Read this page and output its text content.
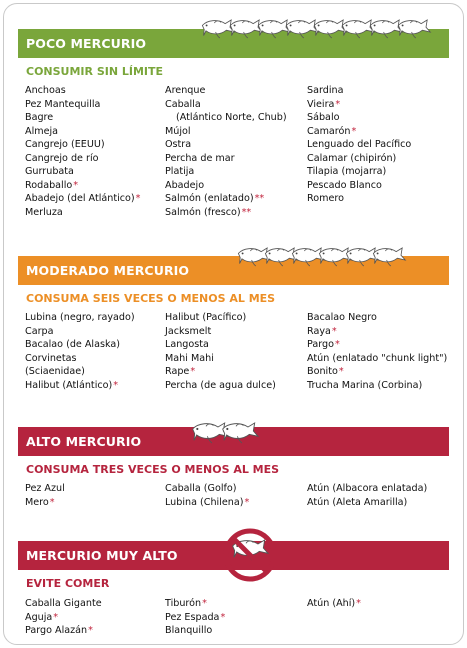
POCO MERCURIO
CONSUMIR SIN LÍMITE
Anchoas
Pez Mantequilla
Bagre
Almeja
Cangrejo (EEUU)
Cangrejo de río
Gurrubata
Rodaballo*
Abadejo (del Atlántico)*
Merluza
Arenque
Caballa
(Atlántico Norte, Chub)
Mújol
Ostra
Percha de mar
Platija
Abadejo
Salmón (enlatado)**
Salmón (fresco)**
Sardina
Vieira*
Sábalo
Camarón*
Lenguado del Pacífico
Calamar (chipirón)
Tilapia (mojarra)
Pescado Blanco
Romero
MODERADO MERCURIO
CONSUMA SEIS VECES O MENOS AL MES
Lubina (negro, rayado)
Carpa
Bacalao (de Alaska)
Corvinetas
(Sciaenidae)
Halibut (Atlántico)*
Halibut (Pacífico)
Jacksmelt
Langosta
Mahi Mahi
Rape*
Percha (de agua dulce)
Bacalao Negro
Raya*
Pargo*
Atún (enlatado "chunk light")
Bonito*
Trucha Marina (Corbina)
ALTO MERCURIO
CONSUMA TRES VECES O MENOS AL MES
Pez Azul
Mero*
Caballa (Golfo)
Lubina (Chilena)*
Atún (Albacora enlatada)
Atún (Aleta Amarilla)
MERCURIO MUY ALTO
EVITE COMER
Caballa Gigante
Aguja*
Pargo Alazán*
Tiburón*
Pez Espada*
Blanquillo
Atún (Ahí)*
